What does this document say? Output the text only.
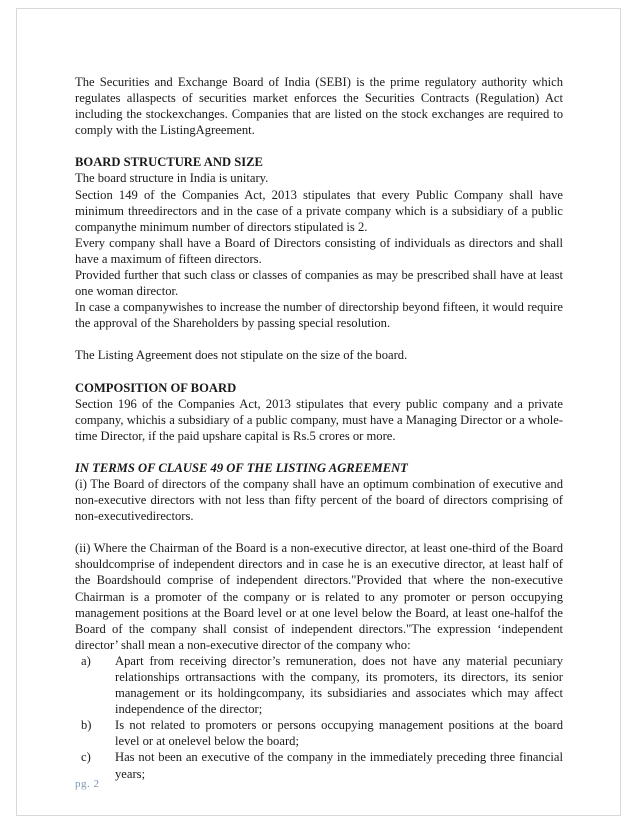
The Securities and Exchange Board of India (SEBI) is the prime regulatory authority which regulates allaspects of securities market enforces the Securities Contracts (Regulation) Act including the stockexchanges. Companies that are listed on the stock exchanges are required to comply with the ListingAgreement.

BOARD STRUCTURE AND SIZE

The board structure in India is unitary.

Section 149 of the Companies Act, 2013 stipulates that every Public Company shall have minimum threedirectors and in the case of a private company which is a subsidiary of a public companythe minimum number of directors stipulated is 2.

Every company shall have a Board of Directors consisting of individuals as directors and shall have a maximum of fifteen directors.

Provided further that such class or classes of companies as may be prescribed shall have at least one woman director.

In case a companywishes to increase the number of directorship beyond fifteen, it would require the approval of the Shareholders by passing special resolution.

The Listing Agreement does not stipulate on the size of the board.

COMPOSITION OF BOARD

Section 196 of the Companies Act, 2013 stipulates that every public company and a private company, whichis a subsidiary of a public company, must have a Managing Director or a whole-time Director, if the paid upshare capital is Rs.5 crores or more.

IN TERMS OF CLAUSE 49 OF THE LISTING AGREEMENT

(i) The Board of directors of the company shall have an optimum combination of executive and non-executive directors with not less than fifty percent of the board of directors comprising of non-executivedirectors.

(ii) Where the Chairman of the Board is a non-executive director, at least one-third of the Board shouldcomprise of independent directors and in case he is an executive director, at least half of the Boardshould comprise of independent directors."Provided that where the non-executive Chairman is a promoter of the company or is related to any promoter or person occupying management positions at the Board level or at one level below the Board, at least one-halfof the Board of the company shall consist of independent directors."The expression ‘independent director’ shall mean a non-executive director of the company who:

a)	Apart from receiving director’s remuneration, does not have any material pecuniary relationships ortransactions with the company, its promoters, its directors, its senior management or its holdingcompany, its subsidiaries and associates which may affect independence of the director;
b)	Is not related to promoters or persons occupying management positions at the board level or at onelevel below the board;
c)	Has not been an executive of the company in the immediately preceding three financial years;
pg. 2
